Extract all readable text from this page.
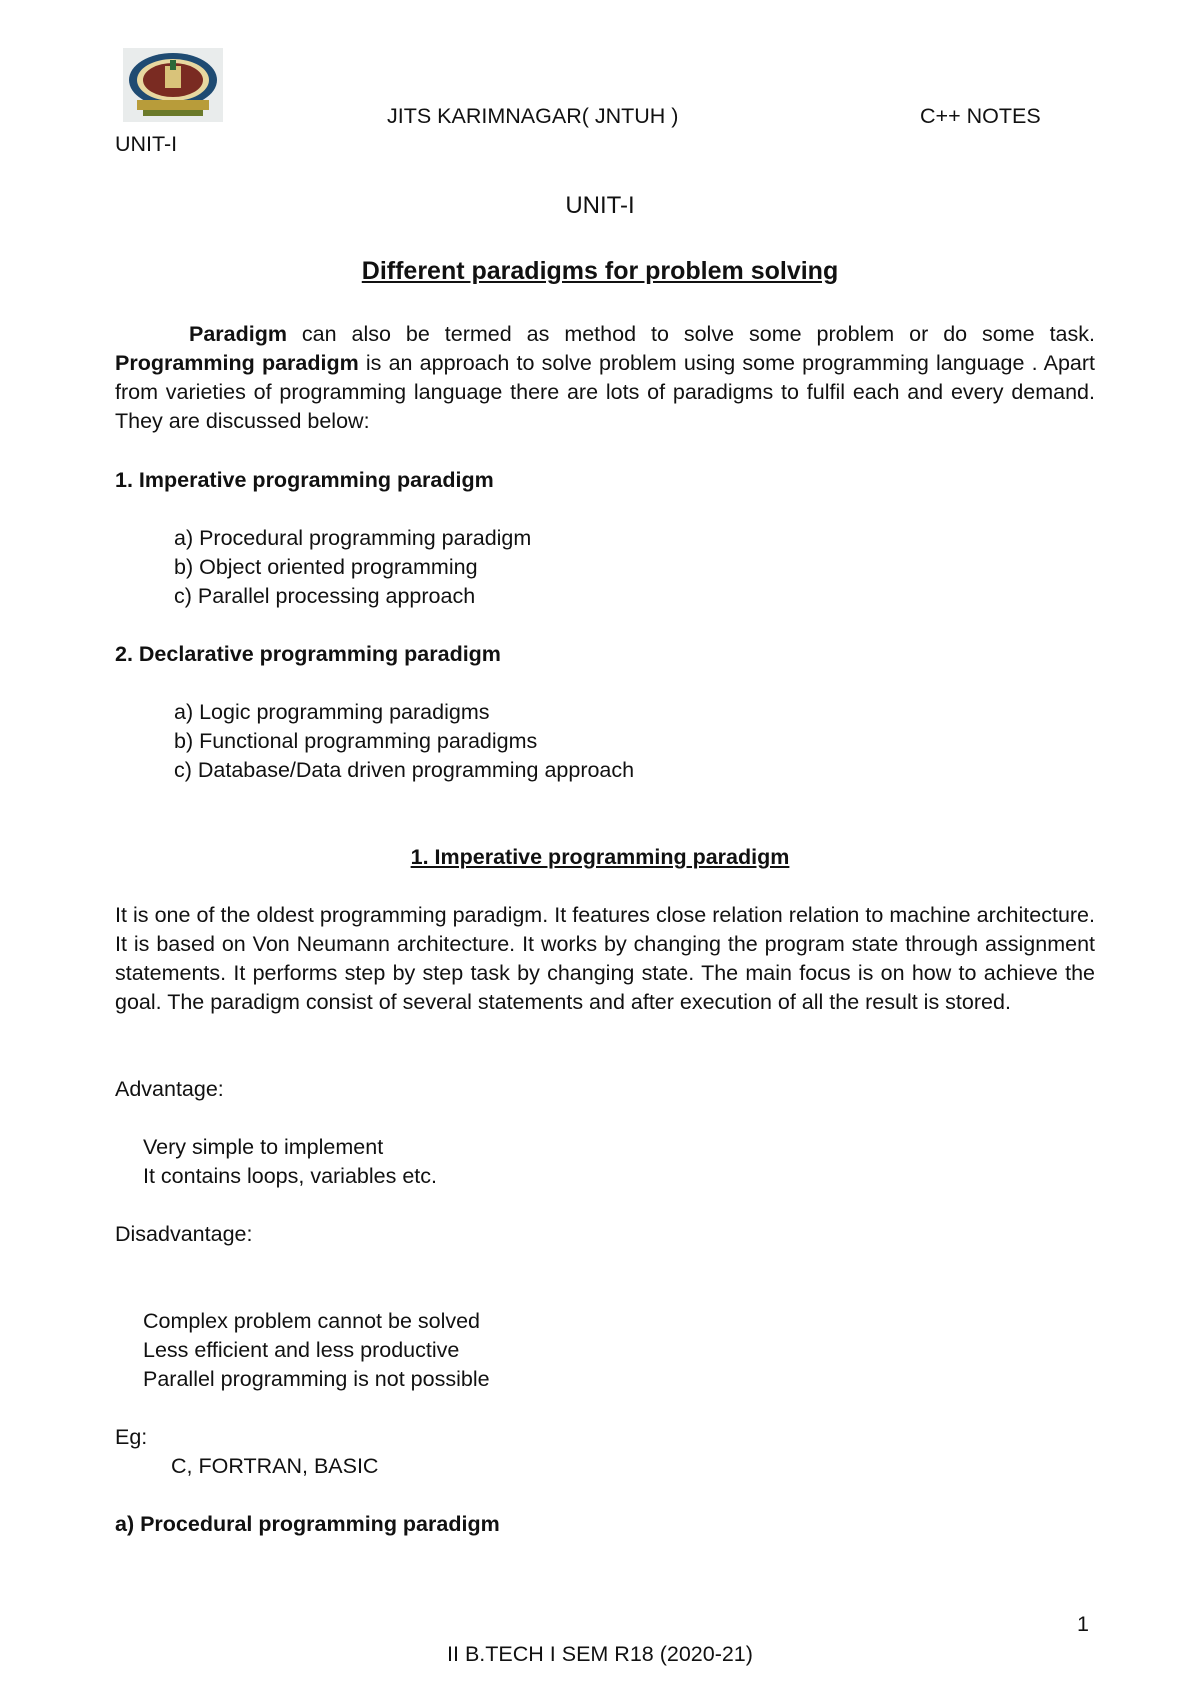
JITS KARIMNAGAR( JNTUH )	C++ NOTES
UNIT-I
UNIT-I
Different paradigms for problem solving
Paradigm can also be termed as method to solve some problem or do some task. Programming paradigm is an approach to solve problem using some programming language . Apart from varieties of programming language there are lots of paradigms to fulfil each and every demand. They are discussed below:
1. Imperative programming paradigm
a) Procedural programming paradigm
b) Object oriented programming
c) Parallel processing approach
2. Declarative programming paradigm
a) Logic programming paradigms
b) Functional programming paradigms
c) Database/Data driven programming approach
1. Imperative programming paradigm
It is one of the oldest programming paradigm. It features close relation relation to machine architecture. It is based on Von Neumann architecture. It works by changing the program state through assignment statements. It performs step by step task by changing state. The main focus is on how to achieve the goal. The paradigm consist of several statements and after execution of all the result is stored.
Advantage:
Very simple to implement
It contains loops, variables etc.
Disadvantage:
Complex problem cannot be solved
Less efficient and less productive
Parallel programming is not possible
Eg:
C, FORTRAN, BASIC
a) Procedural programming paradigm
1
II B.TECH I SEM R18 (2020-21)
